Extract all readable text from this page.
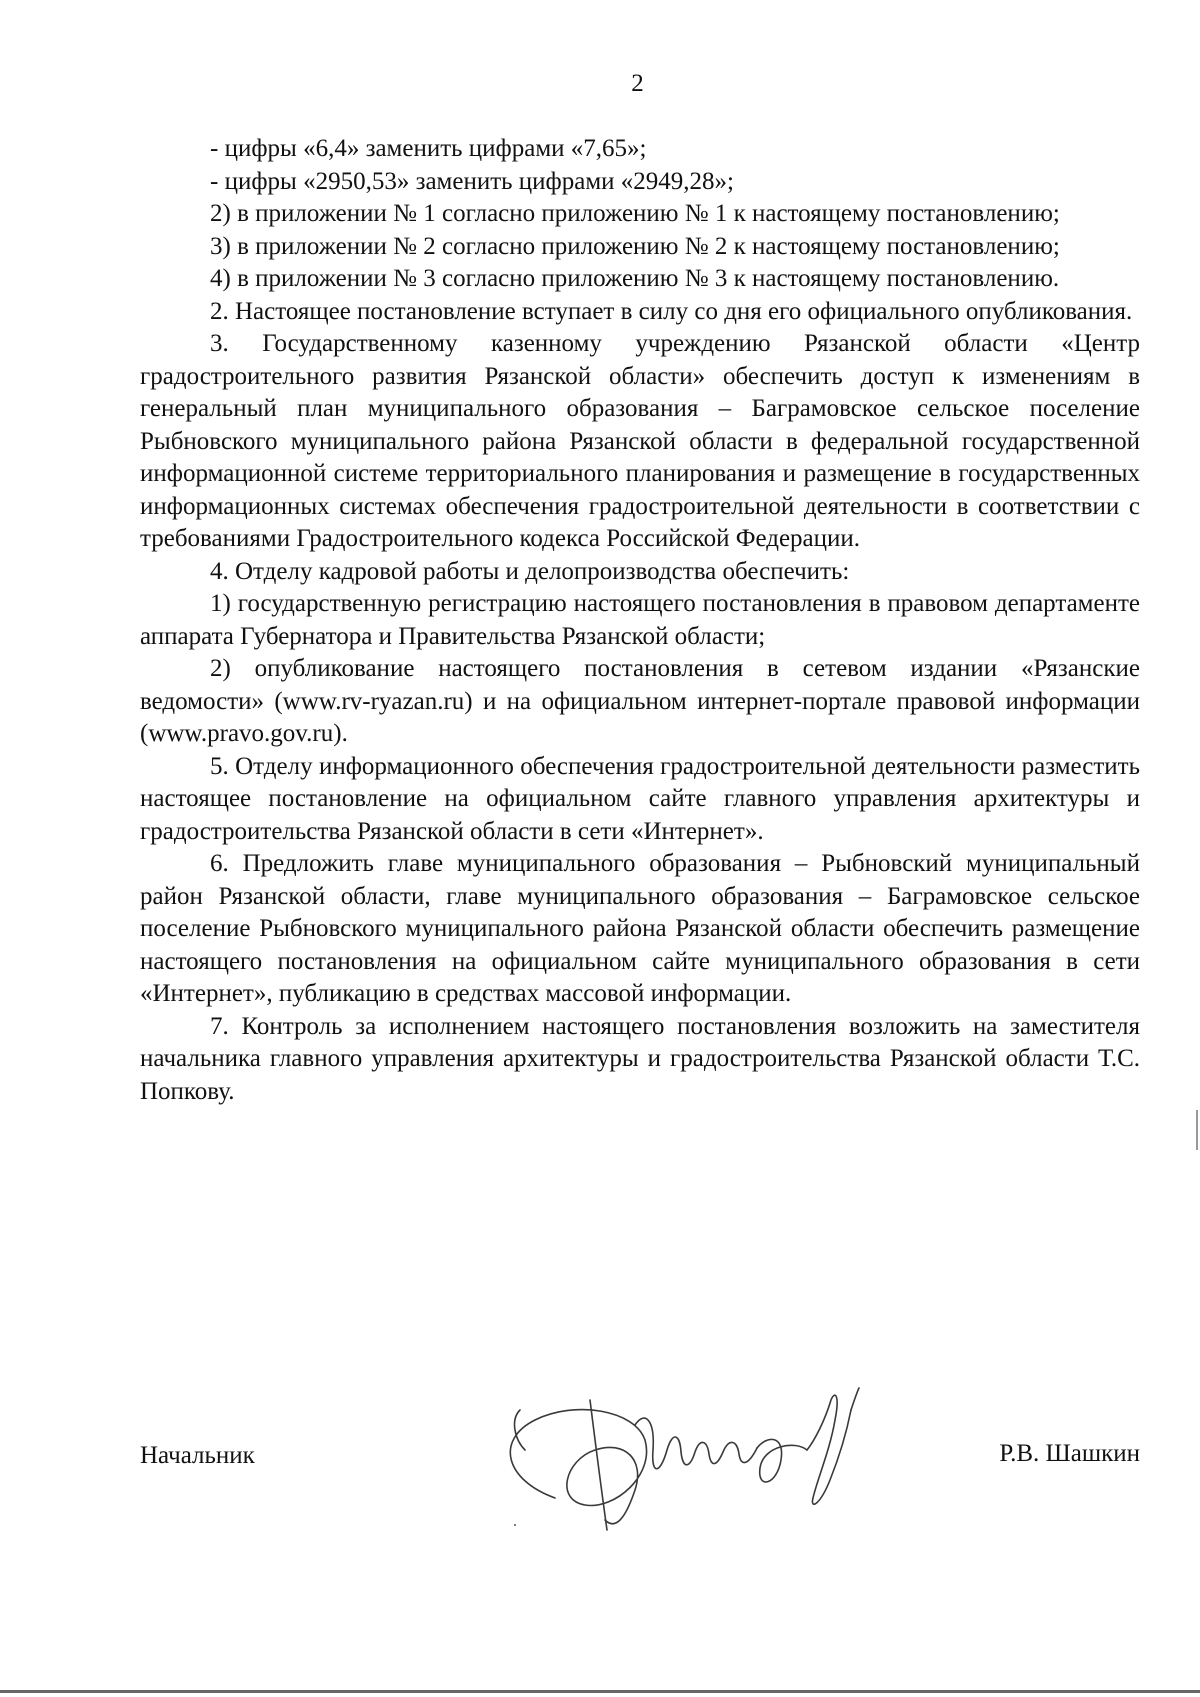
2

- цифры «6,4» заменить цифрами «7,65»;

- цифры «2950,53» заменить цифрами «2949,28»;

2) в приложении № 1 согласно приложению № 1 к настоящему постановлению;

3) в приложении № 2 согласно приложению № 2 к настоящему постановлению;

4) в приложении № 3 согласно приложению № 3 к настоящему постановлению.

2. Настоящее постановление вступает в силу со дня его официального опубликования.

3. Государственному казенному учреждению Рязанской области «Центр градостроительного развития Рязанской области» обеспечить доступ к изменениям в генеральный план муниципального образования – Баграмовское сельское поселение Рыбновского муниципального района Рязанской области в федеральной государственной информационной системе территориального планирования и размещение в государственных информационных системах обеспечения градостроительной деятельности в соответствии с требованиями Градостроительного кодекса Российской Федерации.

4. Отделу кадровой работы и делопроизводства обеспечить:

1) государственную регистрацию настоящего постановления в правовом департаменте аппарата Губернатора и Правительства Рязанской области;

2) опубликование настоящего постановления в сетевом издании «Рязанские ведомости» (www.rv-ryazan.ru) и на официальном интернет-портале правовой информации (www.pravo.gov.ru).

5. Отделу информационного обеспечения градостроительной деятельности разместить настоящее постановление на официальном сайте главного управления архитектуры и градостроительства Рязанской области в сети «Интернет».

6. Предложить главе муниципального образования – Рыбновский муниципальный район Рязанской области, главе муниципального образования – Баграмовское сельское поселение Рыбновского муниципального района Рязанской области обеспечить размещение настоящего постановления на официальном сайте муниципального образования в сети «Интернет», публикацию в средствах массовой информации.

7. Контроль за исполнением настоящего постановления возложить на заместителя начальника главного управления архитектуры и градостроительства Рязанской области Т.С. Попкову.

Начальник	Р.В. Шашкин
